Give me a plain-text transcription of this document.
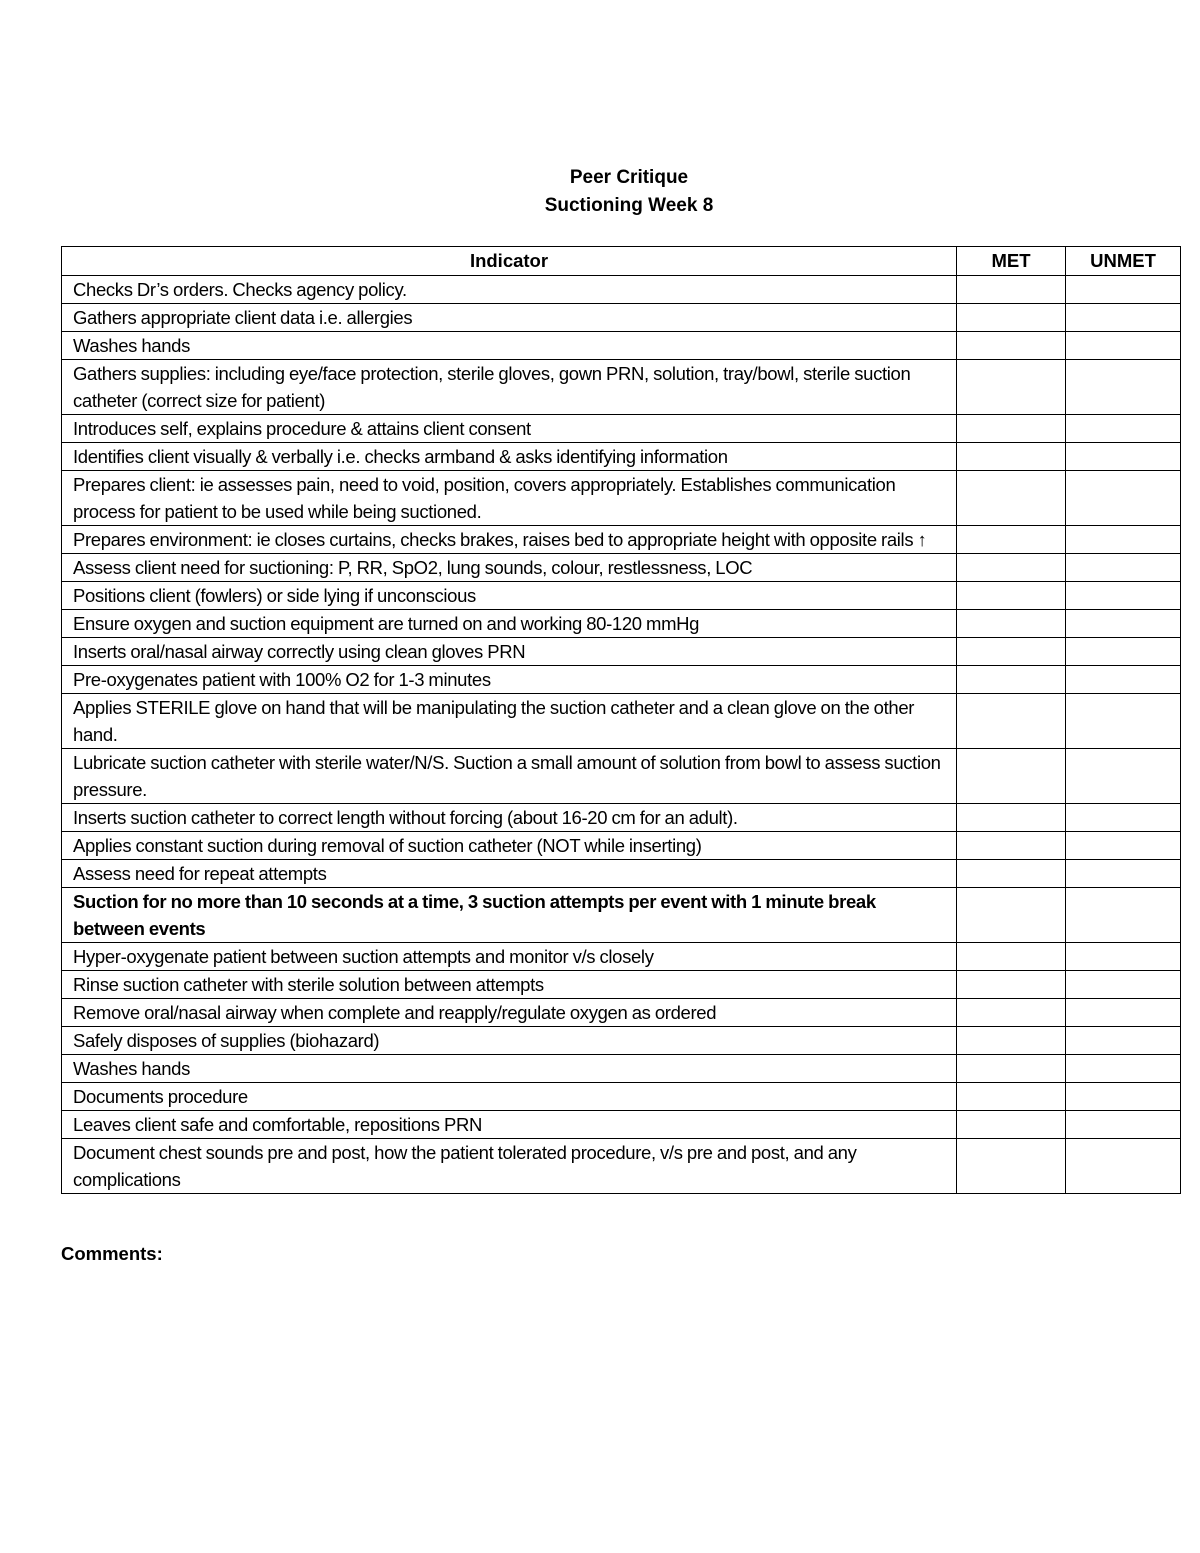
Peer Critique
Suctioning Week 8
Indicator	MET	UNMET
Checks Dr’s orders. Checks agency policy.		
Gathers appropriate client data i.e. allergies		
Washes hands		
Gathers supplies: including eye/face protection, sterile gloves, gown PRN, solution, tray/bowl, sterile suction catheter (correct size for patient)		
Introduces self, explains procedure & attains client consent		
Identifies client visually & verbally i.e. checks armband & asks identifying information		
Prepares client: ie assesses pain, need to void, position, covers appropriately. Establishes communication process for patient to be used while being suctioned.		
Prepares environment: ie closes curtains, checks brakes, raises bed to appropriate height with opposite rails ↑		
Assess client need for suctioning: P, RR, SpO2, lung sounds, colour, restlessness, LOC		
Positions client (fowlers) or side lying if unconscious		
Ensure oxygen and suction equipment are turned on and working 80-120 mmHg		
Inserts oral/nasal airway correctly using clean gloves PRN		
Pre-oxygenates patient with 100% O2 for 1-3 minutes		
Applies STERILE glove on hand that will be manipulating the suction catheter and a clean glove on the other hand.		
Lubricate suction catheter with sterile water/N/S. Suction a small amount of solution from bowl to assess suction pressure.		
Inserts suction catheter to correct length without forcing (about 16-20 cm for an adult).		
Applies constant suction during removal of suction catheter (NOT while inserting)		
Assess need for repeat attempts		
Suction for no more than 10 seconds at a time, 3 suction attempts per event with 1 minute break between events		
Hyper-oxygenate patient between suction attempts and monitor v/s closely		
Rinse suction catheter with sterile solution between attempts		
Remove oral/nasal airway when complete and reapply/regulate oxygen as ordered		
Safely disposes of supplies (biohazard)		
Washes hands		
Documents procedure		
Leaves client safe and comfortable, repositions PRN		
Document chest sounds pre and post, how the patient tolerated procedure, v/s pre and post, and any complications		
Comments:
